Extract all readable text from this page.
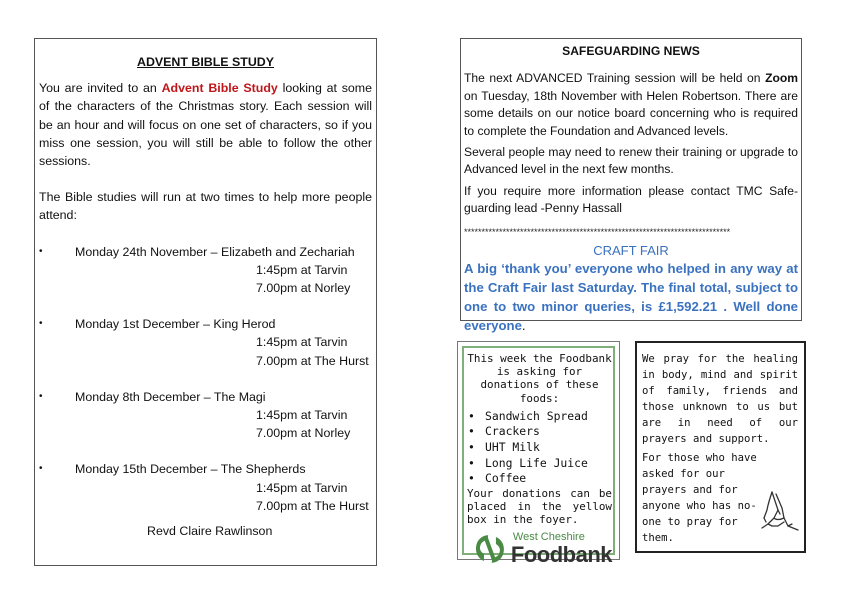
ADVENT BIBLE STUDY

You are invited to an Advent Bible Study looking at some of the characters of the Christmas story. Each session will be an hour and will focus on one set of characters, so if you miss one session, you will still be able to follow the other sessions.

The Bible studies will run at two times to help more people attend:

•	Monday 24th November – Elizabeth and Zechariah
1:45pm at Tarvin
7.00pm at Norley
•	Monday 1st December – King Herod
1:45pm at Tarvin
7.00pm at The Hurst
•	Monday 8th December – The Magi
1:45pm at Tarvin
7.00pm at Norley
•	Monday 15th December – The Shepherds
1:45pm at Tarvin
7.00pm at The Hurst
Revd Claire Rawlinson
SAFEGUARDING NEWS

The next ADVANCED Training session will be held on Zoom on Tuesday, 18th November with Helen Robertson. There are some details on our notice board concerning who is required to complete the Foundation and Advanced levels.

Several people may need to renew their training or upgrade to Advanced level in the next few months.

If you require more information please contact TMC Safe-guarding lead -Penny Hassall

****************************************************************************
CRAFT FAIR
A big ‘thank you’ everyone who helped in any way at the Craft Fair last Saturday. The final total, subject to one to two minor queries, is £1,592.21 . Well done everyone.
This week the Foodbank is asking for donations of these foods:
• Sandwich Spread
• Crackers
• UHT Milk
• Long Life Juice
• Coffee
Your donations can be placed in the yellow box in the foyer.
West Cheshire
Foodbank

We pray for the healing in body, mind and spirit of family, friends and those unknown to us but are in need of our prayers and support.

For those who have asked for our prayers and for anyone who has no-one to pray for them.
